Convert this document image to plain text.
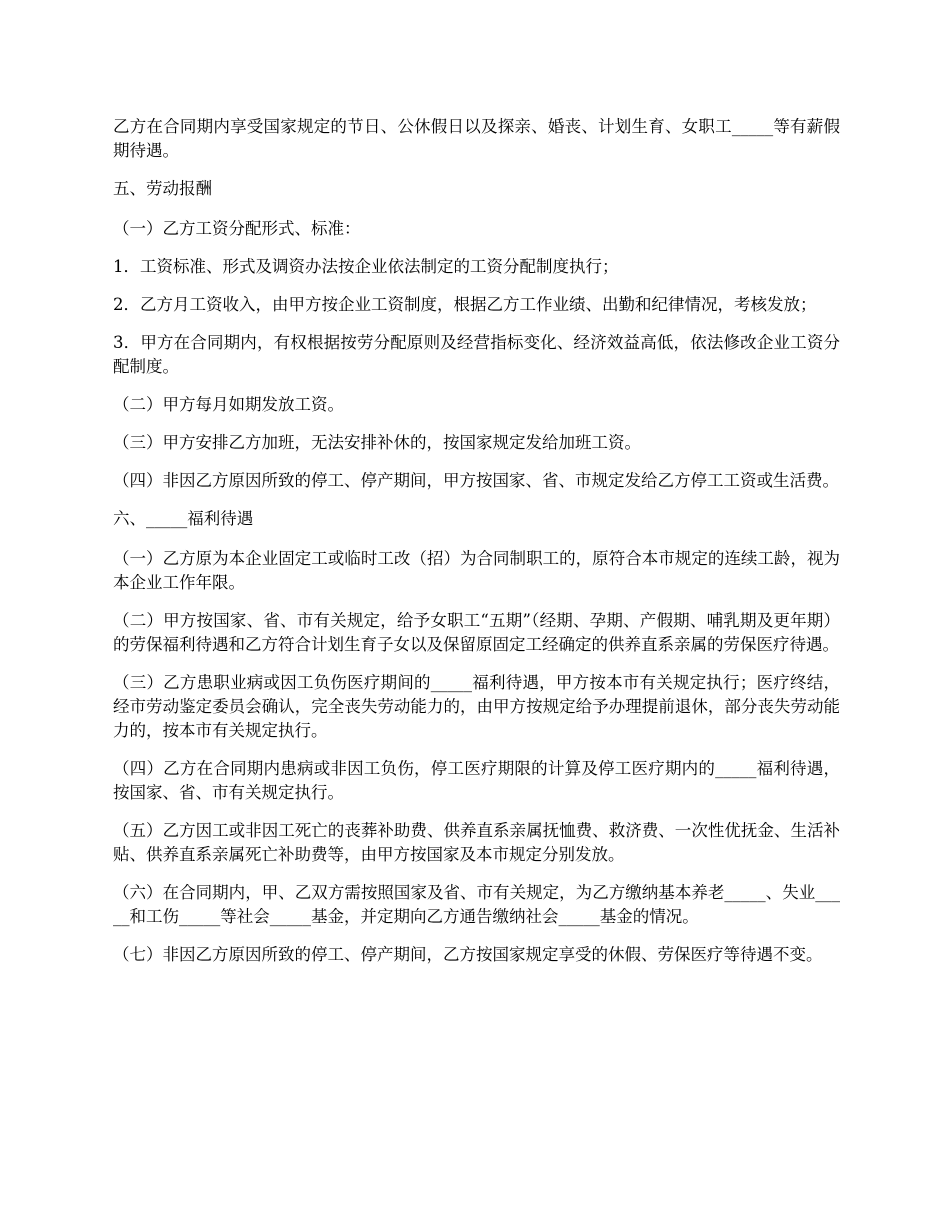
乙方在合同期内享受国家规定的节日、公休假日以及探亲、婚丧、计划生育、女职工_____等有薪假期待遇。

五、劳动报酬

（一）乙方工资分配形式、标准：

1．工资标准、形式及调资办法按企业依法制定的工资分配制度执行；

2．乙方月工资收入，由甲方按企业工资制度，根据乙方工作业绩、出勤和纪律情况，考核发放；

3．甲方在合同期内，有权根据按劳分配原则及经营指标变化、经济效益高低，依法修改企业工资分配制度。

（二）甲方每月如期发放工资。

（三）甲方安排乙方加班，无法安排补休的，按国家规定发给加班工资。

（四）非因乙方原因所致的停工、停产期间，甲方按国家、省、市规定发给乙方停工工资或生活费。

六、_____福利待遇

（一）乙方原为本企业固定工或临时工改（招）为合同制职工的，原符合本市规定的连续工龄，视为本企业工作年限。

（二）甲方按国家、省、市有关规定，给予女职工“五期”（经期、孕期、产假期、哺乳期及更年期）的劳保福利待遇和乙方符合计划生育子女以及保留原固定工经确定的供养直系亲属的劳保医疗待遇。

（三）乙方患职业病或因工负伤医疗期间的_____福利待遇，甲方按本市有关规定执行；医疗终结，经市劳动鉴定委员会确认，完全丧失劳动能力的，由甲方按规定给予办理提前退休，部分丧失劳动能力的，按本市有关规定执行。

（四）乙方在合同期内患病或非因工负伤，停工医疗期限的计算及停工医疗期内的_____福利待遇，按国家、省、市有关规定执行。

（五）乙方因工或非因工死亡的丧葬补助费、供养直系亲属抚恤费、救济费、一次性优抚金、生活补贴、供养直系亲属死亡补助费等，由甲方按国家及本市规定分别发放。

（六）在合同期内，甲、乙双方需按照国家及省、市有关规定，为乙方缴纳基本养老_____、失业_____和工伤_____等社会_____基金，并定期向乙方通告缴纳社会_____基金的情况。

（七）非因乙方原因所致的停工、停产期间，乙方按国家规定享受的休假、劳保医疗等待遇不变。
